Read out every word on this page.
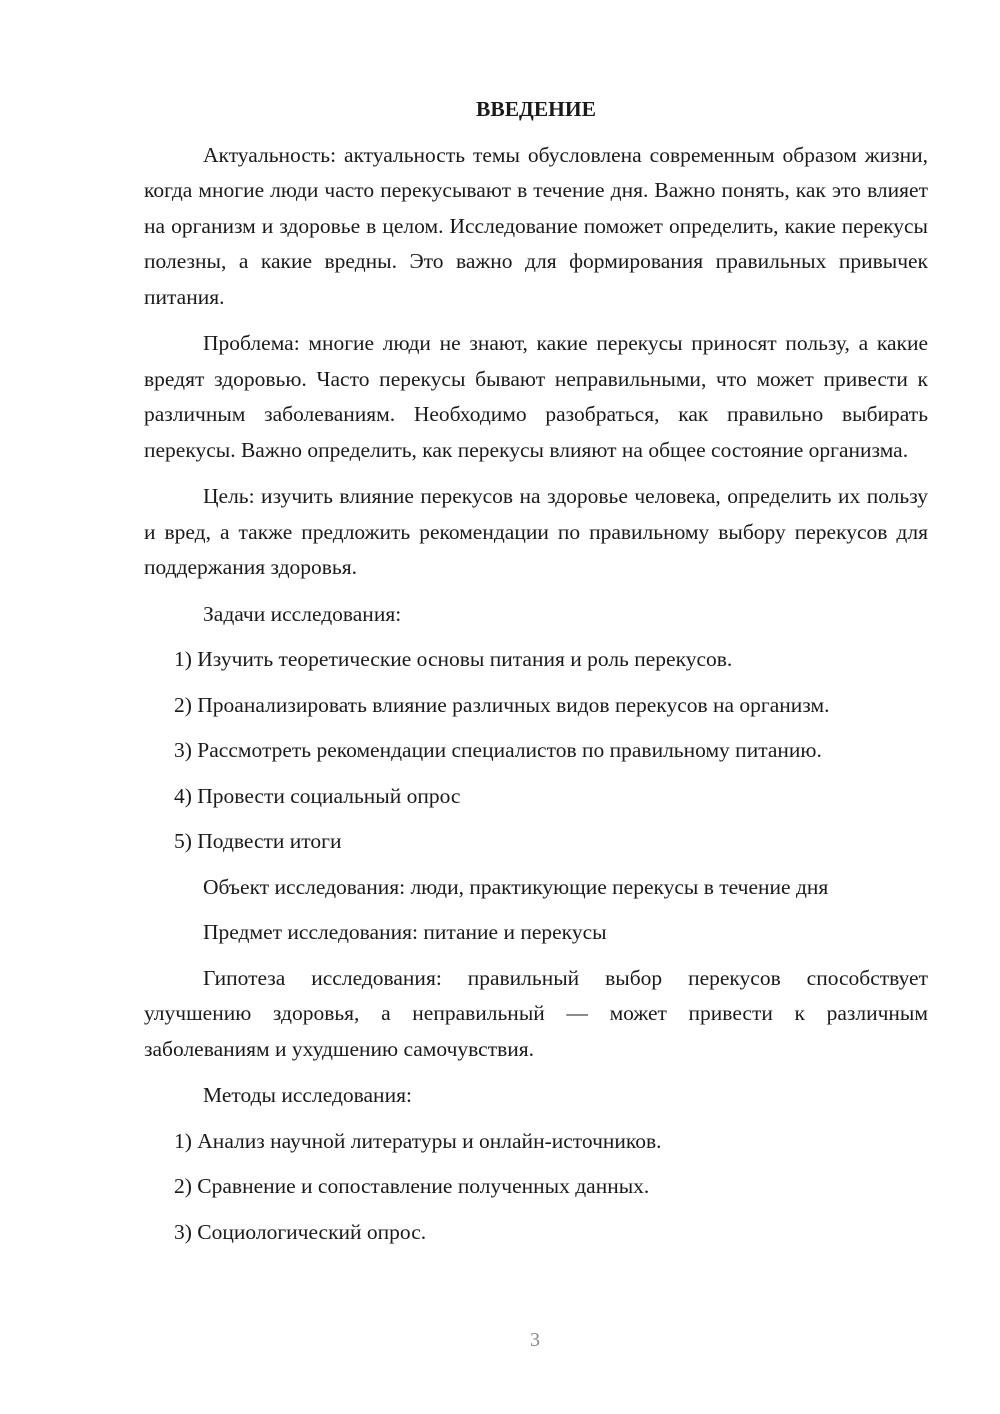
ВВЕДЕНИЕ

Актуальность: актуальность темы обусловлена современным образом жизни, когда многие люди часто перекусывают в течение дня. Важно понять, как это влияет на организм и здоровье в целом. Исследование поможет определить, какие перекусы полезны, а какие вредны. Это важно для формирования правильных привычек питания.

Проблема: многие люди не знают, какие перекусы приносят пользу, а какие вредят здоровью. Часто перекусы бывают неправильными, что может привести к различным заболеваниям. Необходимо разобраться, как правильно выбирать перекусы. Важно определить, как перекусы влияют на общее состояние организма.

Цель: изучить влияние перекусов на здоровье человека, определить их пользу и вред, а также предложить рекомендации по правильному выбору перекусов для поддержания здоровья.

Задачи исследования:

1) Изучить теоретические основы питания и роль перекусов.

2) Проанализировать влияние различных видов перекусов на организм.

3) Рассмотреть рекомендации специалистов по правильному питанию.

4) Провести социальный опрос

5) Подвести итоги

Объект исследования: люди, практикующие перекусы в течение дня

Предмет исследования: питание и перекусы

Гипотеза исследования: правильный выбор перекусов способствует улучшению здоровья, а неправильный — может привести к различным заболеваниям и ухудшению самочувствия.

Методы исследования:

1) Анализ научной литературы и онлайн-источников.

2) Сравнение и сопоставление полученных данных.

3) Социологический опрос.

3
